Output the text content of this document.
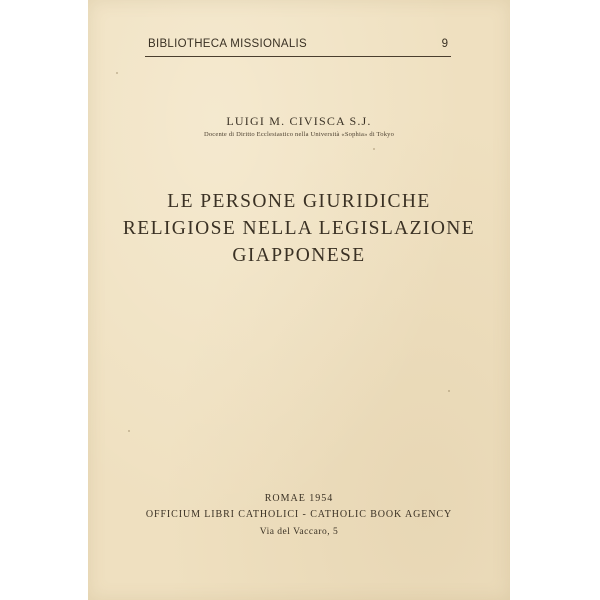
BIBLIOTHECA MISSIONALIS	9
LUIGI M. CIVISCA S.J.
Docente di Diritto Ecclesiastico nella Università «Sophia» di Tokyo
LE PERSONE GIURIDICHE
RELIGIOSE NELLA LEGISLAZIONE
GIAPPONESE
ROMAE 1954
OFFICIUM LIBRI CATHOLICI - CATHOLIC BOOK AGENCY
Via del Vaccaro, 5
